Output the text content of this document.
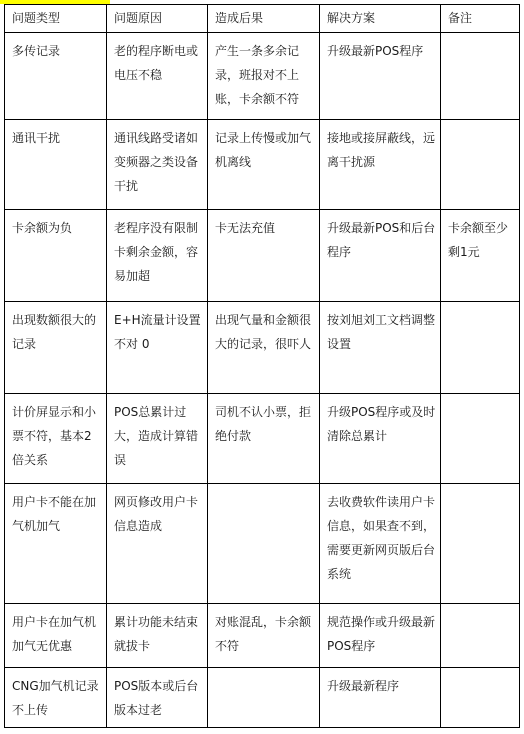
问题类型	问题原因	造成后果	解决方案	备注
多传记录	老的程序断电或电压不稳	产生一条多余记录，班报对不上账，卡余额不符	升级最新POS程序	
通讯干扰	通讯线路受诸如变频器之类设备干扰	记录上传慢或加气机离线	接地或接屏蔽线，远离干扰源	
卡余额为负	老程序没有限制卡剩余金额，容易加超	卡无法充值	升级最新POS和后台程序	卡余额至少剩1元
出现数额很大的记录	E+H流量计设置不对 0	出现气量和金额很大的记录，很吓人	按刘旭刘工文档调整设置	
计价屏显示和小票不符，基本2倍关系	POS总累计过大，造成计算错误	司机不认小票，拒绝付款	升级POS程序或及时清除总累计	
用户卡不能在加气机加气	网页修改用户卡信息造成		去收费软件读用户卡信息，如果查不到，需要更新网页版后台系统	
用户卡在加气机加气无优惠	累计功能未结束就拔卡	对账混乱，卡余额不符	规范操作或升级最新POS程序	
CNG加气机记录不上传	POS版本或后台版本过老		升级最新程序	
